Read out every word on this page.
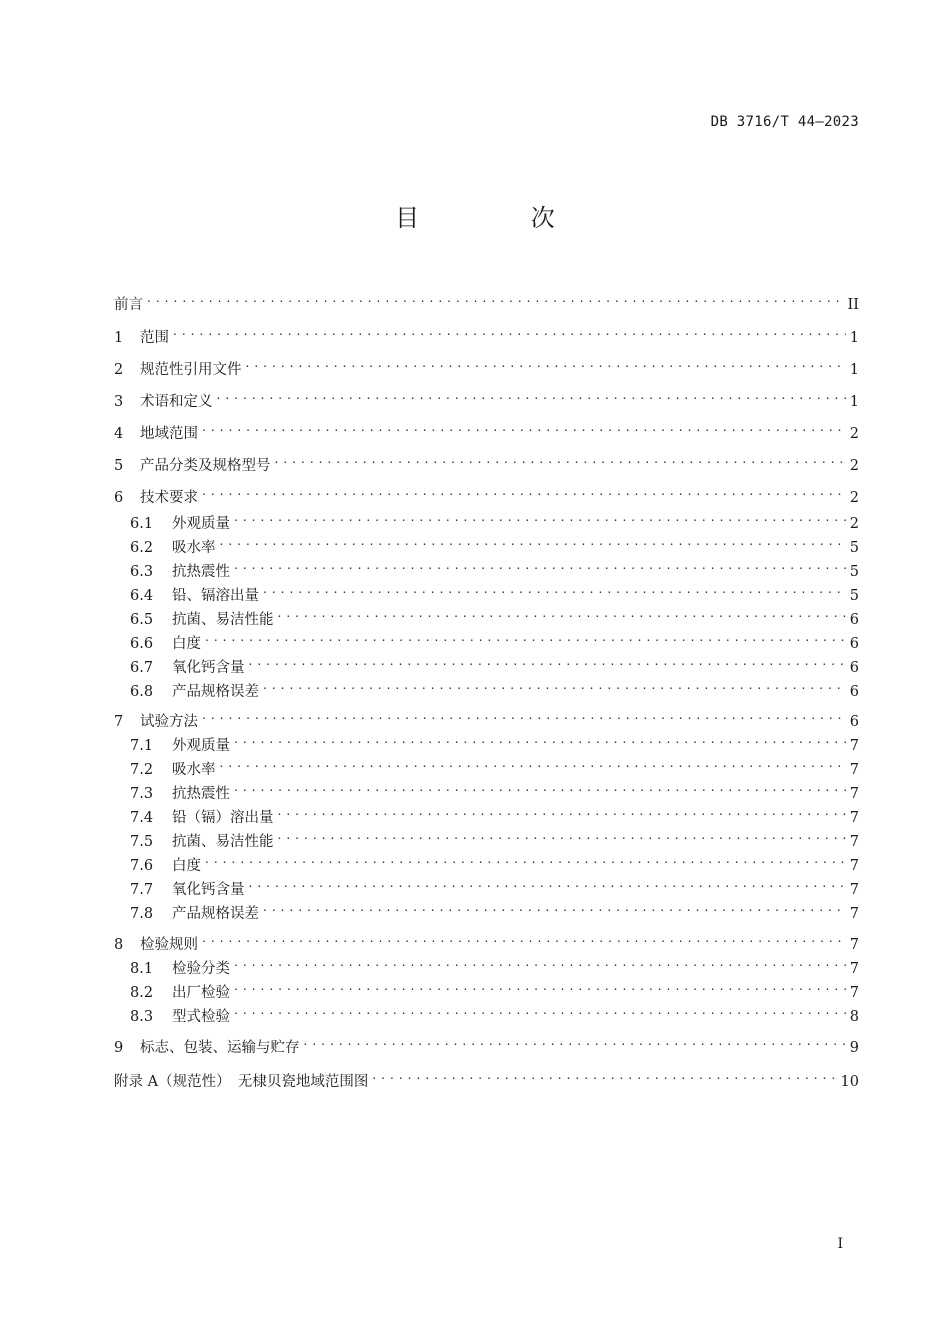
DB 3716/T 44—2023
目 次
前言 . . .	II
1	范围 . . .	1
2	规范性引用文件 . . .	1
3	术语和定义 . . .	1
4	地域范围 . . .	2
5	产品分类及规格型号 . . .	2
6	技术要求 . . .	2
6.1	外观质量 . . .	2
6.2	吸水率 . . .	5
6.3	抗热震性 . . .	5
6.4	铅、镉溶出量 . . .	5
6.5	抗菌、易洁性能 . . .	6
6.6	白度 . . .	6
6.7	氧化钙含量 . . .	6
6.8	产品规格误差 . . .	6
7	试验方法 . . .	6
7.1	外观质量 . . .	7
7.2	吸水率 . . .	7
7.3	抗热震性 . . .	7
7.4	铅（镉）溶出量 . . .	7
7.5	抗菌、易洁性能 . . .	7
7.6	白度 . . .	7
7.7	氧化钙含量 . . .	7
7.8	产品规格误差 . . .	7
8	检验规则 . . .	7
8.1	检验分类 . . .	7
8.2	出厂检验 . . .	7
8.3	型式检验 . . .	8
9	标志、包装、运输与贮存 . . .	9
附录 A（规范性）　无棣贝瓷地域范围图 . . .	10
I
